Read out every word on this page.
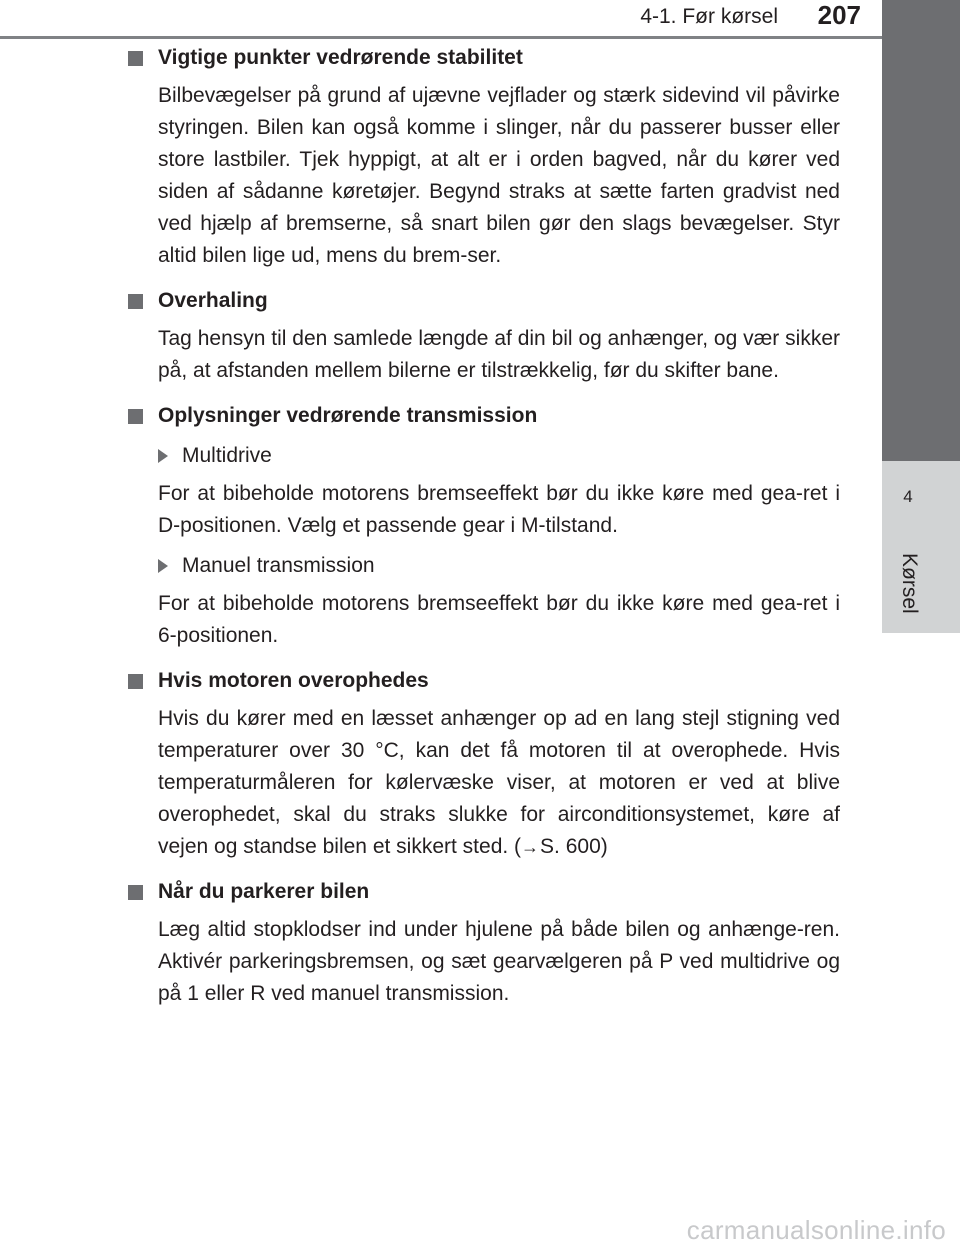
4-1. Før kørsel 207
4
Kørsel
Vigtige punkter vedrørende stabilitet

Bilbevægelser på grund af ujævne vejflader og stærk sidevind vil påvirke styringen. Bilen kan også komme i slinger, når du passerer busser eller store lastbiler. Tjek hyppigt, at alt er i orden bagved, når du kører ved siden af sådanne køretøjer. Begynd straks at sætte farten gradvist ned ved hjælp af bremserne, så snart bilen gør den slags bevægelser. Styr altid bilen lige ud, mens du brem-ser.

Overhaling

Tag hensyn til den samlede længde af din bil og anhænger, og vær sikker på, at afstanden mellem bilerne er tilstrækkelig, før du skifter bane.

Oplysninger vedrørende transmission
Multidrive

For at bibeholde motorens bremseeffekt bør du ikke køre med gea-ret i D-positionen. Vælg et passende gear i M-tilstand.

Manuel transmission

For at bibeholde motorens bremseeffekt bør du ikke køre med gea-ret i 6-positionen.

Hvis motoren overophedes

Hvis du kører med en læsset anhænger op ad en lang stejl stigning ved temperaturer over 30 °C, kan det få motoren til at overophede. Hvis temperaturmåleren for kølervæske viser, at motoren er ved at blive overophedet, skal du straks slukke for airconditionsystemet, køre af vejen og standse bilen et sikkert sted. (→S. 600)

Når du parkerer bilen

Læg altid stopklodser ind under hjulene på både bilen og anhænge-ren. Aktivér parkeringsbremsen, og sæt gearvælgeren på P ved multidrive og på 1 eller R ved manuel transmission.

carmanualsonline.info
